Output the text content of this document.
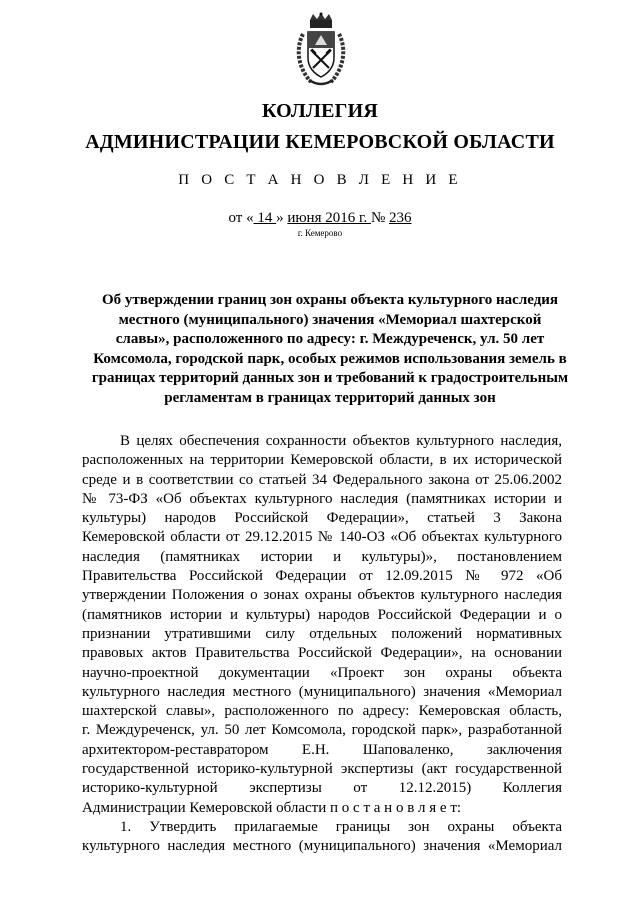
КОЛЛЕГИЯ
АДМИНИСТРАЦИИ КЕМЕРОВСКОЙ ОБЛАСТИ
П О С Т А Н О В Л Е Н И Е
от « 14 » июня 2016 г. № 236
г. Кемерово
Об утверждении границ зон охраны объекта культурного наследия
местного (муниципального) значения «Мемориал шахтерской
славы», расположенного по адресу: г. Междуреченск, ул. 50 лет
Комсомола, городской парк, особых режимов использования земель в
границах территорий данных зон и требований к градостроительным
регламентам в границах территорий данных зон
В целях обеспечения сохранности объектов культурного наследия,
расположенных на территории Кемеровской области, в их исторической
среде и в соответствии со статьей 34 Федерального закона от 25.06.2002
№ 73-ФЗ «Об объектах культурного наследия (памятниках истории и
культуры) народов Российской Федерации», статьей 3 Закона
Кемеровской области от 29.12.2015 № 140-ОЗ «Об объектах культурного
наследия (памятниках истории и культуры)», постановлением
Правительства Российской Федерации от 12.09.2015 № 972 «Об
утверждении Положения о зонах охраны объектов культурного наследия
(памятников истории и культуры) народов Российской Федерации и о
признании утратившими силу отдельных положений нормативных
правовых актов Правительства Российской Федерации», на основании
научно-проектной документации «Проект зон охраны объекта
культурного наследия местного (муниципального) значения «Мемориал
шахтерской славы», расположенного по адресу: Кемеровская область,
г. Междуреченск, ул. 50 лет Комсомола, городской парк», разработанной
архитектором-реставратором Е.Н. Шаповаленко, заключения
государственной историко-культурной экспертизы (акт государственной
историко-культурной экспертизы от 12.12.2015) Коллегия
Администрации Кемеровской области п о с т а н о в л я е т:
1. Утвердить прилагаемые границы зон охраны объекта
культурного наследия местного (муниципального) значения «Мемориал
